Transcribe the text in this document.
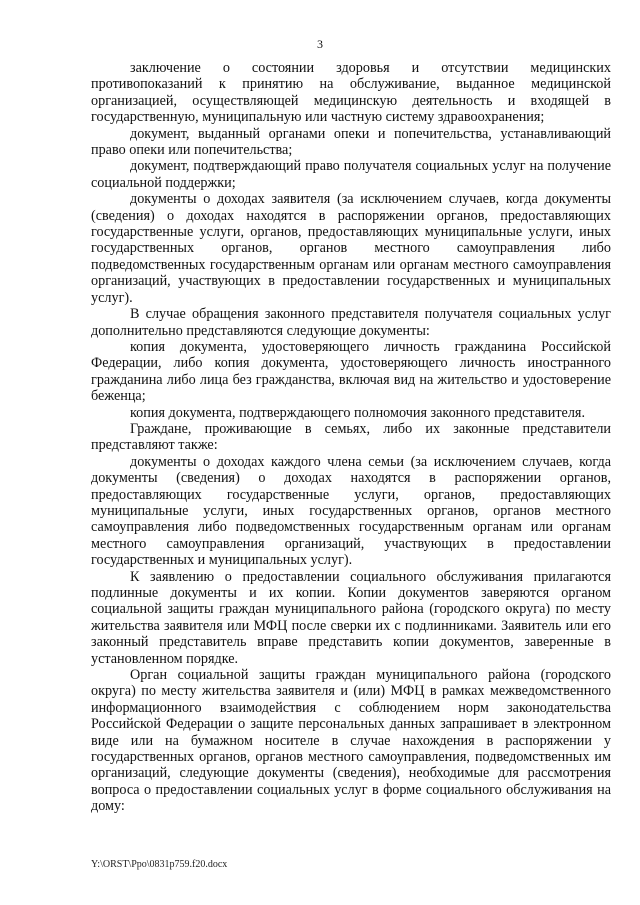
3

заключение о состоянии здоровья и отсутствии медицинских противопоказаний к принятию на обслуживание, выданное медицинской организацией, осуществляющей медицинскую деятельность и входящей в государственную, муниципальную или частную систему здравоохранения;

документ, выданный органами опеки и попечительства, устанавливающий право опеки или попечительства;

документ, подтверждающий право получателя социальных услуг на получение социальной поддержки;

документы о доходах заявителя (за исключением случаев, когда документы (сведения) о доходах находятся в распоряжении органов, предоставляющих государственные услуги, органов, предоставляющих муниципальные услуги, иных государственных органов, органов местного самоуправления либо подведомственных государственным органам или органам местного самоуправления организаций, участвующих в предоставлении государственных и муниципальных услуг).

В случае обращения законного представителя получателя социальных услуг дополнительно представляются следующие документы:

копия документа, удостоверяющего личность гражданина Российской Федерации, либо копия документа, удостоверяющего личность иностранного гражданина либо лица без гражданства, включая вид на жительство и удостоверение беженца;

копия документа, подтверждающего полномочия законного представителя.

Граждане, проживающие в семьях, либо их законные представители представляют также:

документы о доходах каждого члена семьи (за исключением случаев, когда документы (сведения) о доходах находятся в распоряжении органов, предоставляющих государственные услуги, органов, предоставляющих муниципальные услуги, иных государственных органов, органов местного самоуправления либо подведомственных государственным органам или органам местного самоуправления организаций, участвующих в предоставлении государственных и муниципальных услуг).

К заявлению о предоставлении социального обслуживания прилагаются подлинные документы и их копии. Копии документов заверяются органом социальной защиты граждан муниципального района (городского округа) по месту жительства заявителя или МФЦ после сверки их с подлинниками. Заявитель или его законный представитель вправе представить копии документов, заверенные в установленном порядке.

Орган социальной защиты граждан муниципального района (городского округа) по месту жительства заявителя и (или) МФЦ в рамках межведомственного информационного взаимодействия с соблюдением норм законодательства Российской Федерации о защите персональных данных запрашивает в электронном виде или на бумажном носителе в случае нахождения в распоряжении у государственных органов, органов местного самоуправления, подведомственных им организаций, следующие документы (сведения), необходимые для рассмотрения вопроса о предоставлении социальных услуг в форме социального обслуживания на дому:

Y:\ORST\Ppo\0831p759.f20.docx
